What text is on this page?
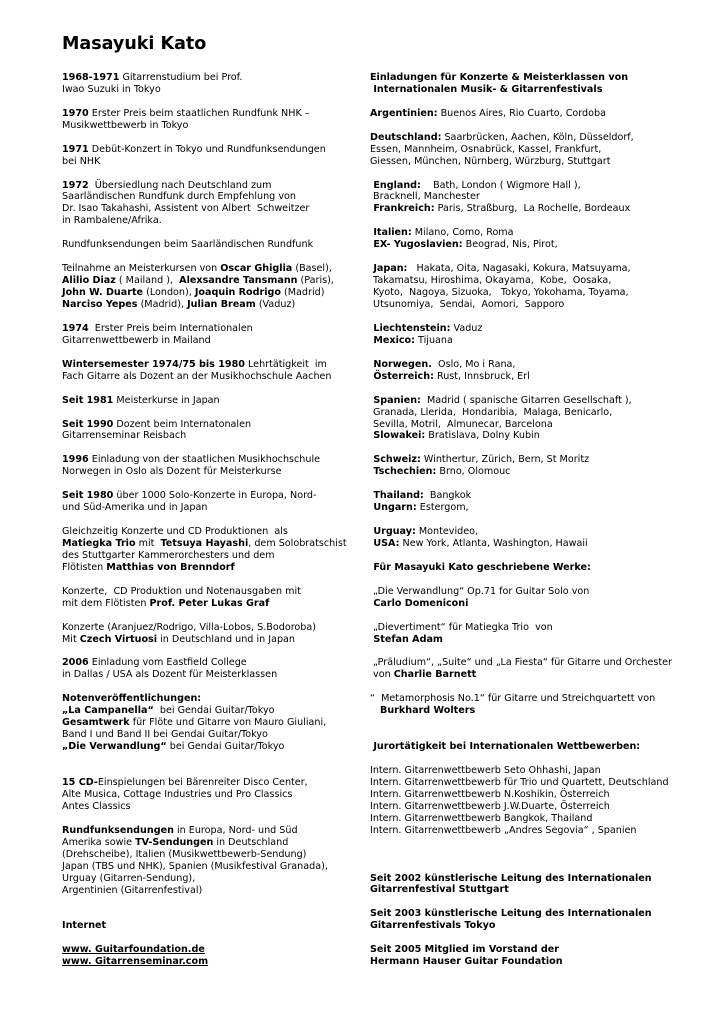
Masayuki Kato
1968-1971 Gitarrenstudium bei Prof.
Iwao Suzuki in Tokyo
1970 Erster Preis beim staatlichen Rundfunk NHK –
Musikwettbewerb in Tokyo
1971 Debüt-Konzert in Tokyo und Rundfunksendungen
bei NHK
1972  Übersiedlung nach Deutschland zum
Saarländischen Rundfunk durch Empfehlung von
Dr. Isao Takahashi, Assistent von Albert  Schweitzer
in Rambalene/Afrika.
Rundfunksendungen beim Saarländischen Rundfunk
Teilnahme an Meisterkursen von Oscar Ghiglia (Basel),
Alilio Diaz ( Mailand ),  Alexsandre Tansmann (Paris),
John W. Duarte (London), Joaquin Rodrigo (Madrid)
Narciso Yepes (Madrid), Julian Bream (Vaduz)
1974  Erster Preis beim Internationalen
Gitarrenwettbewerb in Mailand
Wintersemester 1974/75 bis 1980 Lehrtätigkeit  im
Fach Gitarre als Dozent an der Musikhochschule Aachen
Seit 1981 Meisterkurse in Japan
Seit 1990 Dozent beim Internatonalen
Gitarrenseminar Reisbach
1996 Einladung von der staatlichen Musikhochschule
Norwegen in Oslo als Dozent für Meisterkurse
Seit 1980 über 1000 Solo-Konzerte in Europa, Nord-
und Süd-Amerika und in Japan
Gleichzeitig Konzerte und CD Produktionen  als
Matiegka Trio mit  Tetsuya Hayashi, dem Solobratschist
des Stuttgarter Kammerorchesters und dem
Flötisten Matthias von Brenndorf
Konzerte,  CD Produktion und Notenausgaben mit
mit dem Flötisten Prof. Peter Lukas Graf
Konzerte (Aranjuez/Rodrigo, Villa-Lobos, S.Bodoroba)
Mit Czech Virtuosi in Deutschland und in Japan
2006 Einladung vom Eastfield College
in Dallas / USA als Dozent für Meisterklassen
Notenveröffentlichungen:
„La Campanella“  bei Gendai Guitar/Tokyo
Gesamtwerk für Flöte und Gitarre von Mauro Giuliani,
Band I und Band II bei Gendai Guitar/Tokyo
„Die Verwandlung“ bei Gendai Guitar/Tokyo
15 CD-Einspielungen bei Bärenreiter Disco Center,
Alte Musica, Cottage Industries und Pro Classics
Antes Classics
Rundfunksendungen in Europa, Nord- und Süd
Amerika sowie TV-Sendungen in Deutschland
(Drehscheibe), Italien (Musikwettbewerb-Sendung)
Japan (TBS und NHK), Spanien (Musikfestival Granada),
Urguay (Gitarren-Sendung),
Argentinien (Gitarrenfestival)
Internet
www. Guitarfoundation.de
www. Gitarrenseminar.com
Einladungen für Konzerte & Meisterklassen von
Internationalen Musik- & Gitarrenfestivals
Argentinien: Buenos Aires, Rio Cuarto, Cordoba
Deutschland: Saarbrücken, Aachen, Köln, Düsseldorf,
Essen, Mannheim, Osnabrück, Kassel, Frankfurt,
Giessen, München, Nürnberg, Würzburg, Stuttgart
England:    Bath, London ( Wigmore Hall ),
Bracknell, Manchester
Frankreich: Paris, Straßburg,  La Rochelle, Bordeaux
Italien: Milano, Como, Roma
EX- Yugoslavien: Beograd, Nis, Pirot,
Japan:   Hakata, Oita, Nagasaki, Kokura, Matsuyama,
Takamatsu, Hiroshima, Okayama,  Kobe,  Oosaka,
Kyoto,  Nagoya, Sizuoka,   Tokyo, Yokohama, Toyama,
Utsunomiya,  Sendai,  Aomori,  Sapporo
Liechtenstein: Vaduz
Mexico: Tijuana
Norwegen.  Oslo, Mo i Rana,
Österreich: Rust, Innsbruck, Erl
Spanien:  Madrid ( spanische Gitarren Gesellschaft ),
Granada, Llerida,  Hondaribia,  Malaga, Benicarlo,
Sevilla, Motril,  Almunecar, Barcelona
Slowakei: Bratislava, Dolny Kubin
Schweiz: Winthertur, Zürich, Bern, St Moritz
Tschechien: Brno, Olomouc
Thailand:  Bangkok
Ungarn: Estergom,
Urguay: Montevideo,
USA: New York, Atlanta, Washington, Hawaii
Für Masayuki Kato geschriebene Werke:
„Die Verwandlung“ Op.71 for Guitar Solo von
Carlo Domeniconi
„Dievertiment“ für Matiegka Trio  von
Stefan Adam
„Präludium“, „Suite“ und „La Fiesta“ für Gitarre und Orchester
von Charlie Barnett
“  Metamorphosis No.1“ für Gitarre und Streichquartett von
Burkhard Wolters
Jurortätigkeit bei Internationalen Wettbewerben:
Intern. Gitarrenwettbewerb Seto Ohhashi, Japan
Intern. Gitarrenwettbewerb für Trio und Quartett, Deutschland
Intern. Gitarrenwettbewerb N.Koshikin, Österreich
Intern. Gitarrenwettbewerb J.W.Duarte, Österreich
Intern. Gitarrenwettbewerb Bangkok, Thailand
Intern. Gitarrenwettbewerb „Andres Segovia“ , Spanien
Seit 2002 künstlerische Leitung des Internationalen
Gitarrenfestival Stuttgart
Seit 2003 künstlerische Leitung des Internationalen
Gitarrenfestivals Tokyo
Seit 2005 Mitglied im Vorstand der
Hermann Hauser Guitar Foundation
